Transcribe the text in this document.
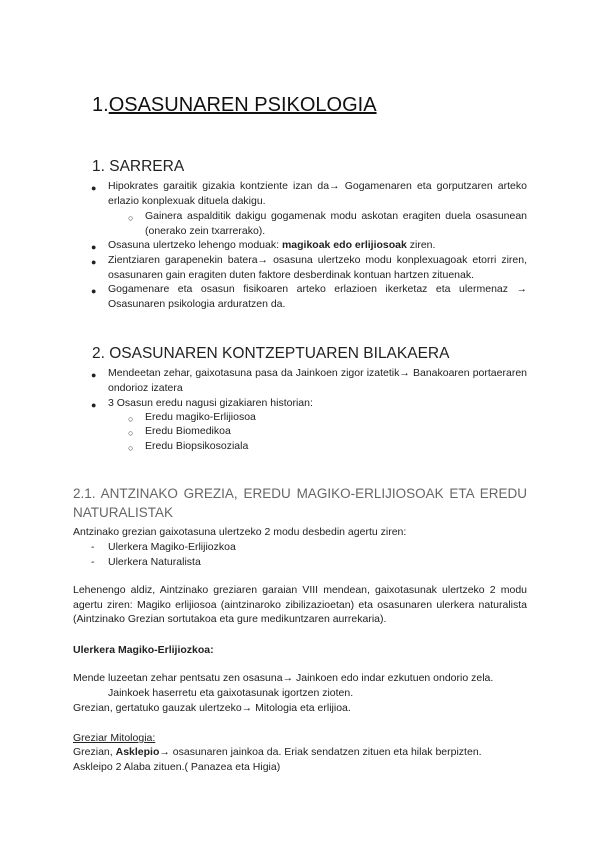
1.OSASUNAREN PSIKOLOGIA
1. SARRERA
● Hipokrates garaitik gizakia kontziente izan da→ Gogamenaren eta gorputzaren arteko erlazio konplexuak dituela dakigu.
○ Gainera aspalditik dakigu gogamenak modu askotan eragiten duela osasunean (onerako zein txarrerako).
● Osasuna ulertzeko lehengo moduak: magikoak edo erlijiosoak ziren.
● Zientziaren garapenekin batera→ osasuna ulertzeko modu konplexuagoak etorri ziren, osasunaren gain eragiten duten faktore desberdinak kontuan hartzen zituenak.
● Gogamenare eta osasun fisikoaren arteko erlazioen ikerketaz eta ulermenaz → Osasunaren psikologia arduratzen da.
2. OSASUNAREN KONTZEPTUAREN BILAKAERA
● Mendeetan zehar, gaixotasuna pasa da Jainkoen zigor izatetik→ Banakoaren portaeraren ondorioz izatera
● 3 Osasun eredu nagusi gizakiaren historian:
○ Eredu magiko-Erlijiosoa
○ Eredu Biomedikoa
○ Eredu Biopsikosoziala
2.1. ANTZINAKO GREZIA, EREDU MAGIKO-ERLIJIOSOAK ETA EREDU NATURALISTAK
Antzinako grezian gaixotasuna ulertzeko 2 modu desbedin agertu ziren:
- Ulerkera Magiko-Erlijiozkoa
- Ulerkera Naturalista
Lehenengo aldiz, Aintzinako greziaren garaian VIII mendean, gaixotasunak ulertzeko 2 modu agertu ziren: Magiko erlijiosoa (aintzinaroko zibilizazioetan) eta osasunaren ulerkera naturalista (Aintzinako Grezian sortutakoa eta gure medikuntzaren aurrekaria).
Ulerkera Magiko-Erlijiozkoa:
Mende luzeetan zehar pentsatu zen osasuna→ Jainkoen edo indar ezkutuen ondorio zela.
Jainkoek haserretu eta gaixotasunak igortzen zioten.
Grezian, gertatuko gauzak ulertzeko→ Mitologia eta erlijioa.
Greziar Mitologia:
Grezian, Asklepio→ osasunaren jainkoa da. Eriak sendatzen zituen eta hilak berpizten.
Askleipo 2 Alaba zituen.( Panazea eta Higia)
